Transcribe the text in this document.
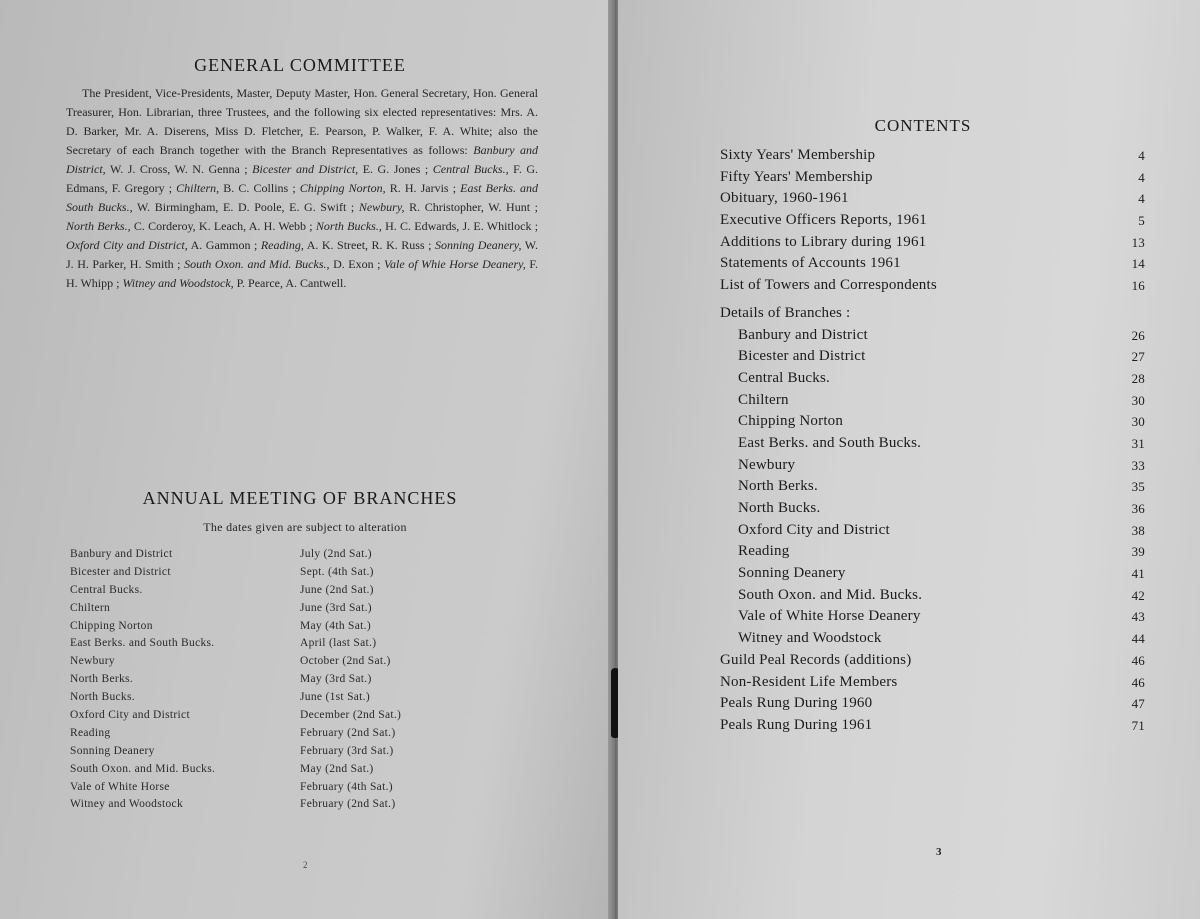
GENERAL COMMITTEE
The President, Vice-Presidents, Master, Deputy Master, Hon. General Secretary, Hon. General Treasurer, Hon. Librarian, three Trustees, and the following six elected representatives: Mrs. A. D. Barker, Mr. A. Diserens, Miss D. Fletcher, E. Pearson, P. Walker, F. A. White; also the Secretary of each Branch together with the Branch Representatives as follows: Banbury and District, W. J. Cross, W. N. Genna ; Bicester and District, E. G. Jones ; Central Bucks., F. G. Edmans, F. Gregory ; Chiltern, B. C. Collins ; Chipping Norton, R. H. Jarvis ; East Berks. and South Bucks., W. Birmingham, E. D. Poole, E. G. Swift ; Newbury, R. Christopher, W. Hunt ; North Berks., C. Corderoy, K. Leach, A. H. Webb ; North Bucks., H. C. Edwards, J. E. Whitlock ; Oxford City and District, A. Gammon ; Reading, A. K. Street, R. K. Russ ; Sonning Deanery, W. J. H. Parker, H. Smith ; South Oxon. and Mid. Bucks., D. Exon ; Vale of Whie Horse Deanery, F. H. Whipp ; Witney and Woodstock, P. Pearce, A. Cantwell.
ANNUAL MEETING OF BRANCHES
The dates given are subject to alteration
Banbury and District	July (2nd Sat.)
Bicester and District	Sept. (4th Sat.)
Central Bucks.	June (2nd Sat.)
Chiltern	June (3rd Sat.)
Chipping Norton	May (4th Sat.)
East Berks. and South Bucks.	April (last Sat.)
Newbury	October (2nd Sat.)
North Berks.	May (3rd Sat.)
North Bucks.	June (1st Sat.)
Oxford City and District	December (2nd Sat.)
Reading	February (2nd Sat.)
Sonning Deanery	February (3rd Sat.)
South Oxon. and Mid. Bucks.	May (2nd Sat.)
Vale of White Horse	February (4th Sat.)
Witney and Woodstock	February (2nd Sat.)
2
CONTENTS
Sixty Years' Membership	4
Fifty Years' Membership	4
Obituary, 1960-1961	4
Executive Officers Reports, 1961	5
Additions to Library during 1961	13
Statements of Accounts 1961	14
List of Towers and Correspondents	16
Details of Branches :
Banbury and District	26
Bicester and District	27
Central Bucks.	28
Chiltern	30
Chipping Norton	30
East Berks. and South Bucks.	31
Newbury	33
North Berks.	35
North Bucks.	36
Oxford City and District	38
Reading	39
Sonning Deanery	41
South Oxon. and Mid. Bucks.	42
Vale of White Horse Deanery	43
Witney and Woodstock	44
Guild Peal Records (additions)	46
Non-Resident Life Members	46
Peals Rung During 1960	47
Peals Rung During 1961	71
3
